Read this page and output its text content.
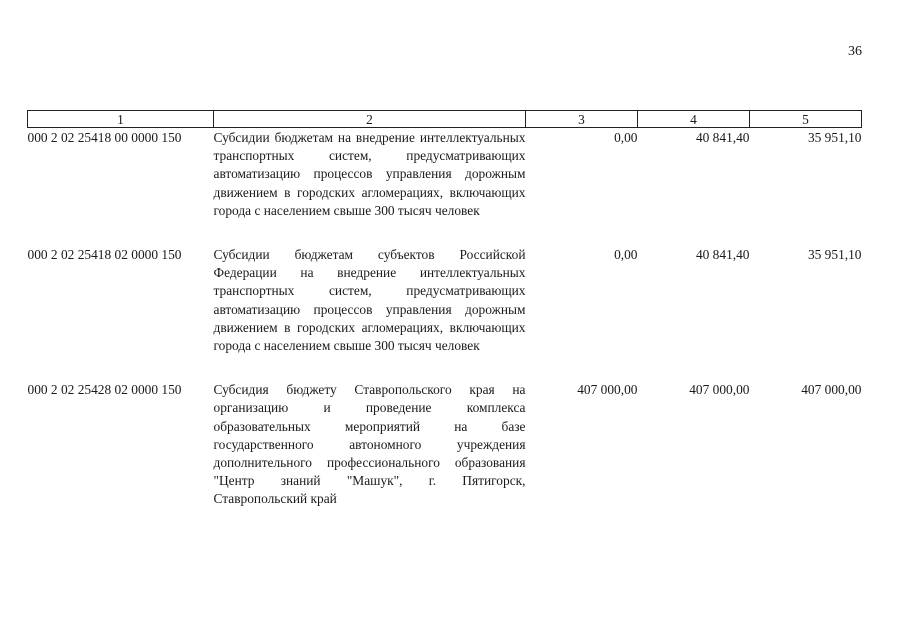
36
1	2	3	4	5
000 2 02 25418 00 0000 150	Субсидии бюджетам на внедрение интеллектуальных транспортных систем, предусматривающих автоматизацию процессов управления дорожным движением в городских агломерациях, включающих города с населением свыше 300 тысяч человек	0,00	40 841,40	35 951,10
000 2 02 25418 02 0000 150	Субсидии бюджетам субъектов Российской Федерации на внедрение интеллектуальных транспортных систем, предусматривающих автоматизацию процессов управления дорожным движением в городских агломерациях, включающих города с населением свыше 300 тысяч человек	0,00	40 841,40	35 951,10
000 2 02 25428 02 0000 150	Субсидия бюджету Ставропольского края на организацию и проведение комплекса образовательных мероприятий на базе государственного автономного учреждения дополнительного профессионального образования "Центр знаний "Машук", г. Пятигорск, Ставропольский край	407 000,00	407 000,00	407 000,00
